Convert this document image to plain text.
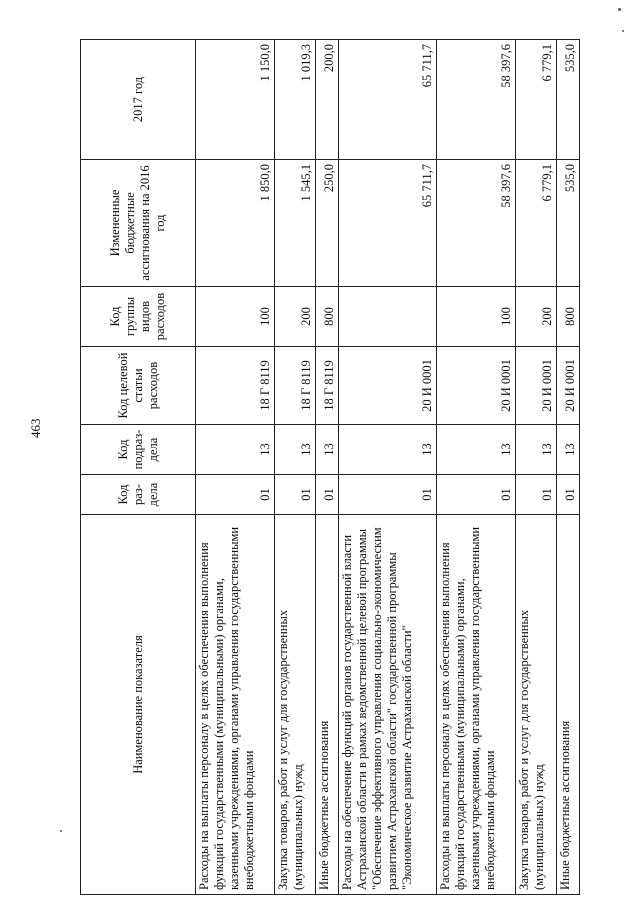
463
Наименование показателя	Код раз-дела	Код подраз-дела	Код целевой статьи расходов	Код группы видов расходов	Измененные бюджетные ассигнования на 2016 год	2017 год
Расходы на выплаты персоналу в целях обеспечения выполнения функций государственными (муниципальными) органами, казенными учреждениями, органами управления государственными внебюджетными фондами	01	13	18 Г 8119	100	1 850,0	1 150,0
Закупка товаров, работ и услуг для государственных (муниципальных) нужд	01	13	18 Г 8119	200	1 545,1	1 019,3
Иные бюджетные ассигнования	01	13	18 Г 8119	800	250,0	200,0
Расходы на обеспечение функций органов государственной власти Астраханской области в рамках ведомственной целевой программы "Обеспечение эффективного управления социально-экономическим развитием Астраханской области" государственной программы "Экономическое развитие Астраханской области"	01	13	20 И 0001		65 711,7	65 711,7
Расходы на выплаты персоналу в целях обеспечения выполнения функций государственными (муниципальными) органами, казенными учреждениями, органами управления государственными внебюджетными фондами	01	13	20 И 0001	100	58 397,6	58 397,6
Закупка товаров, работ и услуг для государственных (муниципальных) нужд	01	13	20 И 0001	200	6 779,1	6 779,1
Иные бюджетные ассигнования	01	13	20 И 0001	800	535,0	535,0
